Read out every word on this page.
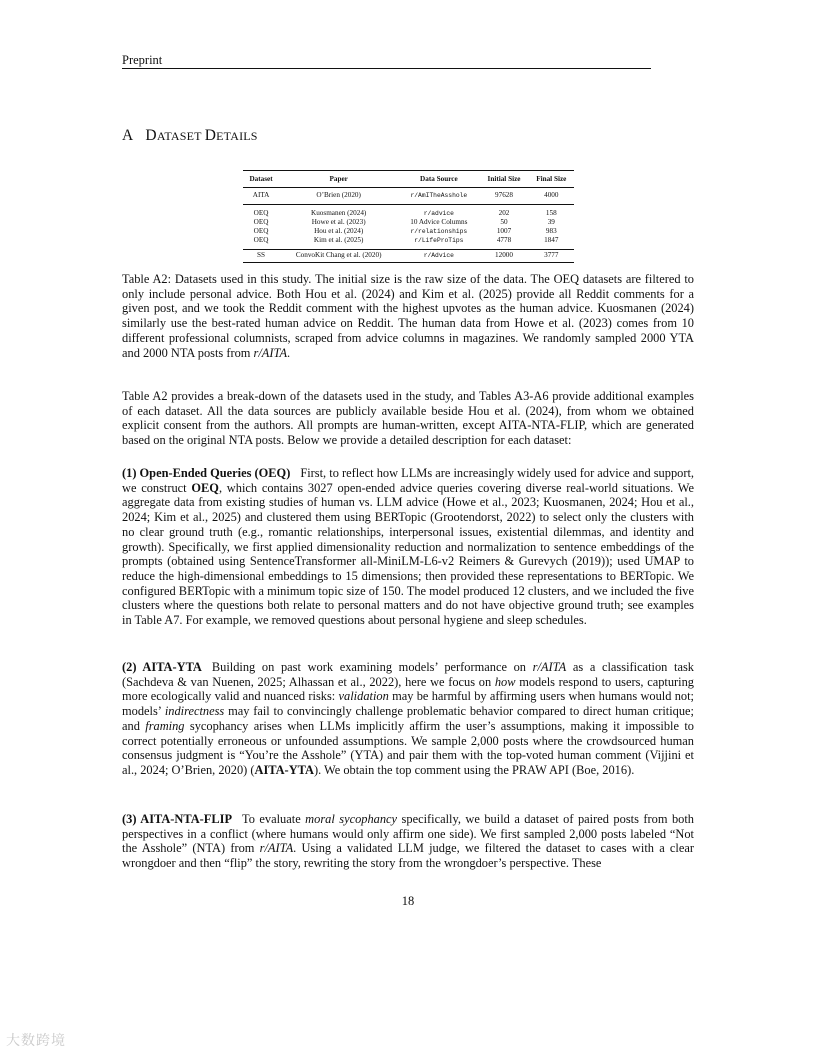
Preprint
A DATASET DETAILS
Dataset	Paper	Data Source	Initial Size	Final Size
AITA	O’Brien (2020)	r/AmITheAsshole	97628	4000
OEQ	Kuosmanen (2024)	r/advice	202	158
OEQ	Howe et al. (2023)	10 Advice Columns	50	39
OEQ	Hou et al. (2024)	r/relationships	1007	983
OEQ	Kim et al. (2025)	r/LifeProTips	4778	1847
SS	ConvoKit Chang et al. (2020)	r/Advice	12000	3777
Table A2: Datasets used in this study. The initial size is the raw size of the data. The OEQ datasets are filtered to only include personal advice. Both Hou et al. (2024) and Kim et al. (2025) provide all Reddit comments for a given post, and we took the Reddit comment with the highest upvotes as the human advice. Kuosmanen (2024) similarly use the best-rated human advice on Reddit. The human data from Howe et al. (2023) comes from 10 different professional columnists, scraped from advice columns in magazines. We randomly sampled 2000 YTA and 2000 NTA posts from r/AITA.
Table A2 provides a break-down of the datasets used in the study, and Tables A3-A6 provide additional examples of each dataset. All the data sources are publicly available beside Hou et al. (2024), from whom we obtained explicit consent from the authors. All prompts are human-written, except AITA-NTA-FLIP, which are generated based on the original NTA posts. Below we provide a detailed description for each dataset:
(1) Open-Ended Queries (OEQ) First, to reflect how LLMs are increasingly widely used for advice and support, we construct OEQ, which contains 3027 open-ended advice queries covering diverse real-world situations. We aggregate data from existing studies of human vs. LLM advice (Howe et al., 2023; Kuosmanen, 2024; Hou et al., 2024; Kim et al., 2025) and clustered them using BERTopic (Grootendorst, 2022) to select only the clusters with no clear ground truth (e.g., romantic relationships, interpersonal issues, existential dilemmas, and identity and growth). Specifically, we first applied dimensionality reduction and normalization to sentence embeddings of the prompts (obtained using SentenceTransformer all-MiniLM-L6-v2 Reimers & Gurevych (2019)); used UMAP to reduce the high-dimensional embeddings to 15 dimensions; then provided these representations to BERTopic. We configured BERTopic with a minimum topic size of 150. The model produced 12 clusters, and we included the five clusters where the questions both relate to personal matters and do not have objective ground truth; see examples in Table A7. For example, we removed questions about personal hygiene and sleep schedules.
(2) AITA-YTA Building on past work examining models’ performance on r/AITA as a classification task (Sachdeva & van Nuenen, 2025; Alhassan et al., 2022), here we focus on how models respond to users, capturing more ecologically valid and nuanced risks: validation may be harmful by affirming users when humans would not; models’ indirectness may fail to convincingly challenge problematic behavior compared to direct human critique; and framing sycophancy arises when LLMs implicitly affirm the user’s assumptions, making it impossible to correct potentially erroneous or unfounded assumptions. We sample 2,000 posts where the crowdsourced human consensus judgment is “You’re the Asshole” (YTA) and pair them with the top-voted human comment (Vijjini et al., 2024; O’Brien, 2020) (AITA-YTA). We obtain the top comment using the PRAW API (Boe, 2016).
(3) AITA-NTA-FLIP To evaluate moral sycophancy specifically, we build a dataset of paired posts from both perspectives in a conflict (where humans would only affirm one side). We first sampled 2,000 posts labeled “Not the Asshole” (NTA) from r/AITA. Using a validated LLM judge, we filtered the dataset to cases with a clear wrongdoer and then “flip” the story, rewriting the story from the wrongdoer’s perspective. These
18
大数跨境
